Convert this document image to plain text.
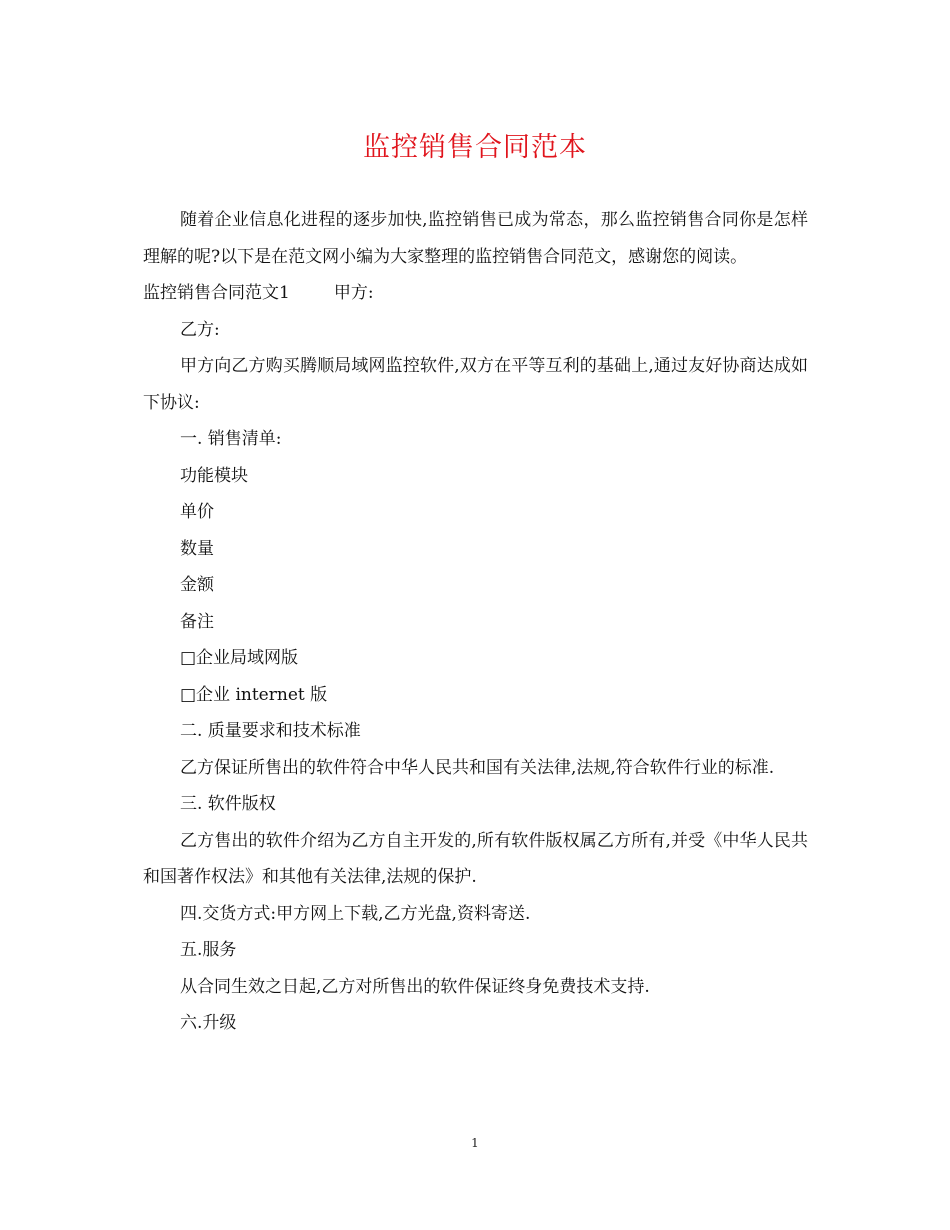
监控销售合同范本

随着企业信息化进程的逐步加快,监控销售已成为常态，那么监控销售合同你是怎样理解的呢?以下是在范文网小编为大家整理的监控销售合同范文，感谢您的阅读。

监控销售合同范文1	甲方:

乙方:

甲方向乙方购买腾顺局域网监控软件,双方在平等互利的基础上,通过友好协商达成如下协议:

一. 销售清单:

功能模块

单价

数量

金额

备注

□企业局域网版

□企业 internet 版

二. 质量要求和技术标准

乙方保证所售出的软件符合中华人民共和国有关法律,法规,符合软件行业的标准.

三. 软件版权

乙方售出的软件介绍为乙方自主开发的,所有软件版权属乙方所有,并受《中华人民共和国著作权法》和其他有关法律,法规的保护.

四.交货方式:甲方网上下载,乙方光盘,资料寄送.

五.服务

从合同生效之日起,乙方对所售出的软件保证终身免费技术支持.

六.升级

1
